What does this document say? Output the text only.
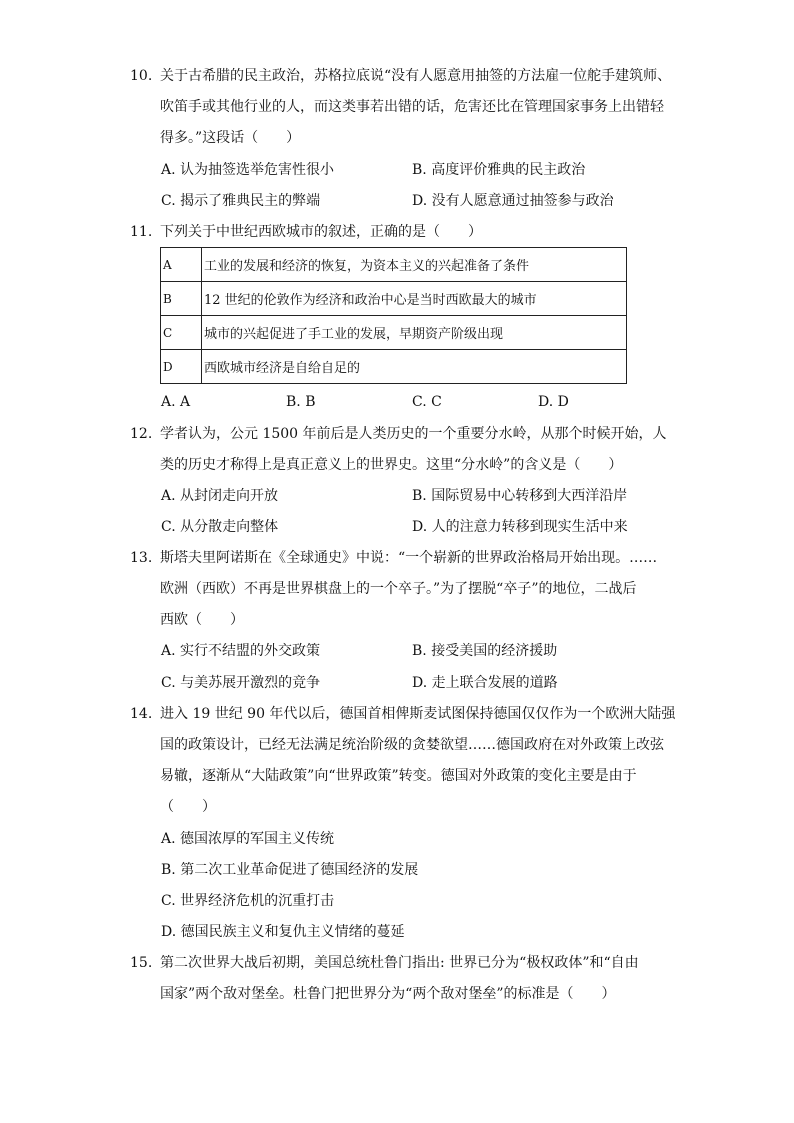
10. 关于古希腊的民主政治，苏格拉底说“没有人愿意用抽签的方法雇一位舵手建筑师、
吹笛手或其他行业的人，而这类事若出错的话，危害还比在管理国家事务上出错轻
得多。”这段话（　　）
A. 认为抽签选举危害性很小	B. 高度评价雅典的民主政治
C. 揭示了雅典民主的弊端	D. 没有人愿意通过抽签参与政治
11. 下列关于中世纪西欧城市的叙述，正确的是（　　）
A	工业的发展和经济的恢复，为资本主义的兴起准备了条件
B	12 世纪的伦敦作为经济和政治中心是当时西欧最大的城市
C	城市的兴起促进了手工业的发展，早期资产阶级出现
D	西欧城市经济是自给自足的
A. A	B. B	C. C	D. D
12. 学者认为，公元 1500 年前后是人类历史的一个重要分水岭，从那个时候开始，人
类的历史才称得上是真正意义上的世界史。这里“分水岭”的含义是（　　）
A. 从封闭走向开放	B. 国际贸易中心转移到大西洋沿岸
C. 从分散走向整体	D. 人的注意力转移到现实生活中来
13. 斯塔夫里阿诺斯在《全球通史》中说：“一个崭新的世界政治格局开始出现。……
欧洲（西欧）不再是世界棋盘上的一个卒子。”为了摆脱“卒子”的地位，二战后
西欧（　　）
A. 实行不结盟的外交政策	B. 接受美国的经济援助
C. 与美苏展开激烈的竞争	D. 走上联合发展的道路
14. 进入 19 世纪 90 年代以后，德国首相俾斯麦试图保持德国仅仅作为一个欧洲大陆强
国的政策设计，已经无法满足统治阶级的贪婪欲望……德国政府在对外政策上改弦
易辙，逐渐从“大陆政策”向“世界政策”转变。德国对外政策的变化主要是由于
（　　）
A. 德国浓厚的军国主义传统
B. 第二次工业革命促进了德国经济的发展
C. 世界经济危机的沉重打击
D. 德国民族主义和复仇主义情绪的蔓延
15. 第二次世界大战后初期，美国总统杜鲁门指出: 世界已分为“极权政体”和“自由
国家”两个敌对堡垒。杜鲁门把世界分为“两个敌对堡垒”的标准是（　　）
